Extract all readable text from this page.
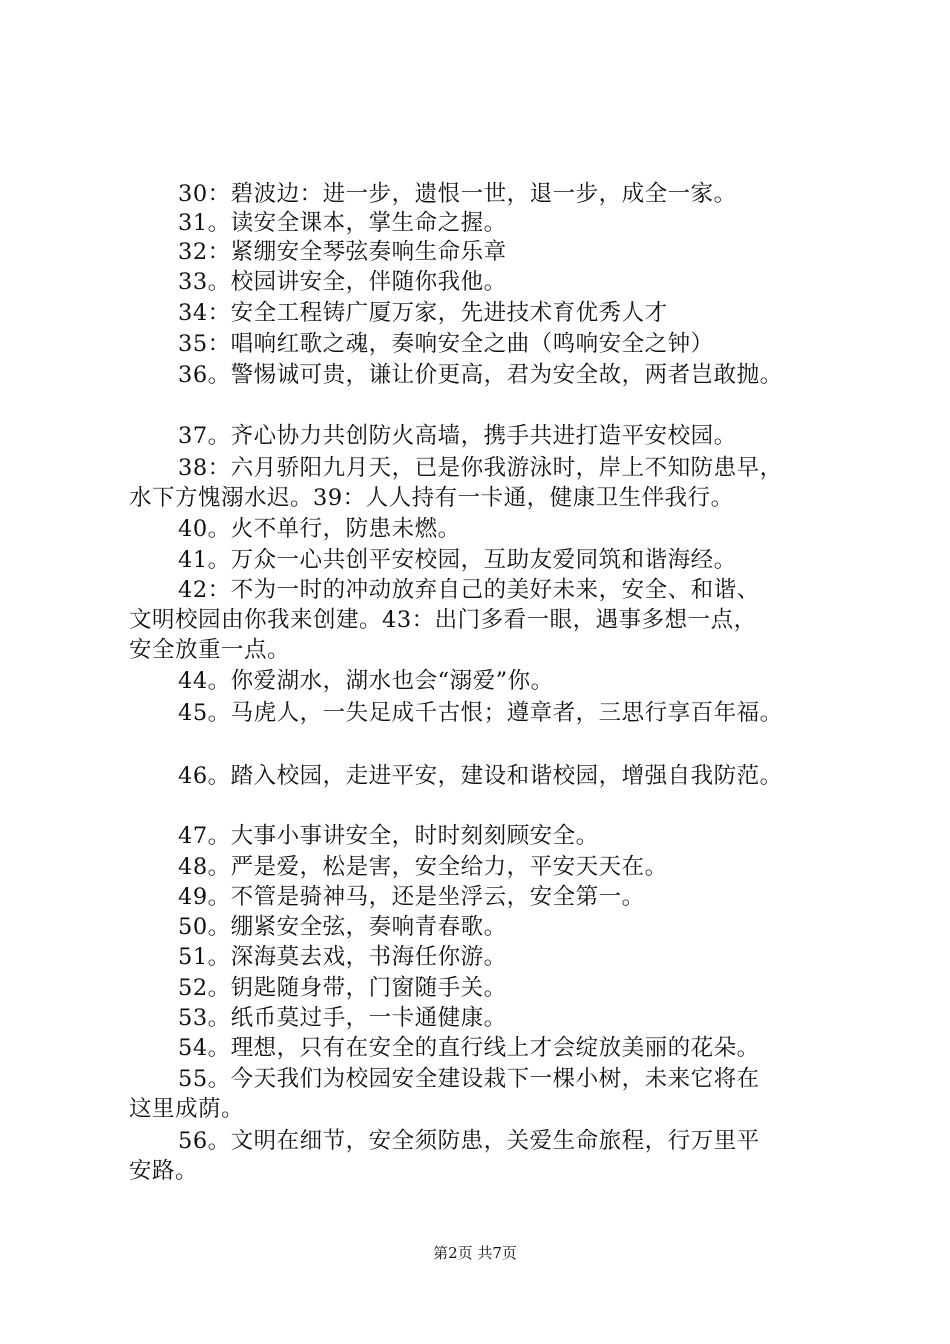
30：碧波边：进一步，遗恨一世，退一步，成全一家。
31。读安全课本，掌生命之握。
32：紧绷安全琴弦奏响生命乐章
33。校园讲安全，伴随你我他。
34：安全工程铸广厦万家，先进技术育优秀人才
35：唱响红歌之魂，奏响安全之曲（鸣响安全之钟）
36。警惕诚可贵，谦让价更高，君为安全故，两者岂敢抛。
37。齐心协力共创防火高墙，携手共进打造平安校园。
38：六月骄阳九月天，已是你我游泳时，岸上不知防患早，
水下方愧溺水迟。39：人人持有一卡通，健康卫生伴我行。
40。火不单行，防患未燃。
41。万众一心共创平安校园，互助友爱同筑和谐海经。
42：不为一时的冲动放弃自己的美好未来，安全、和谐、
文明校园由你我来创建。43：出门多看一眼，遇事多想一点，
安全放重一点。
44。你爱湖水，湖水也会“溺爱”你。
45。马虎人，一失足成千古恨；遵章者，三思行享百年福。
46。踏入校园，走进平安，建设和谐校园，增强自我防范。
47。大事小事讲安全，时时刻刻顾安全。
48。严是爱，松是害，安全给力，平安天天在。
49。不管是骑神马，还是坐浮云，安全第一。
50。绷紧安全弦，奏响青春歌。
51。深海莫去戏，书海任你游。
52。钥匙随身带，门窗随手关。
53。纸币莫过手，一卡通健康。
54。理想，只有在安全的直行线上才会绽放美丽的花朵。
55。今天我们为校园安全建设栽下一棵小树，未来它将在
这里成荫。
56。文明在细节，安全须防患，关爱生命旅程，行万里平
安路。
第2页 共7页
